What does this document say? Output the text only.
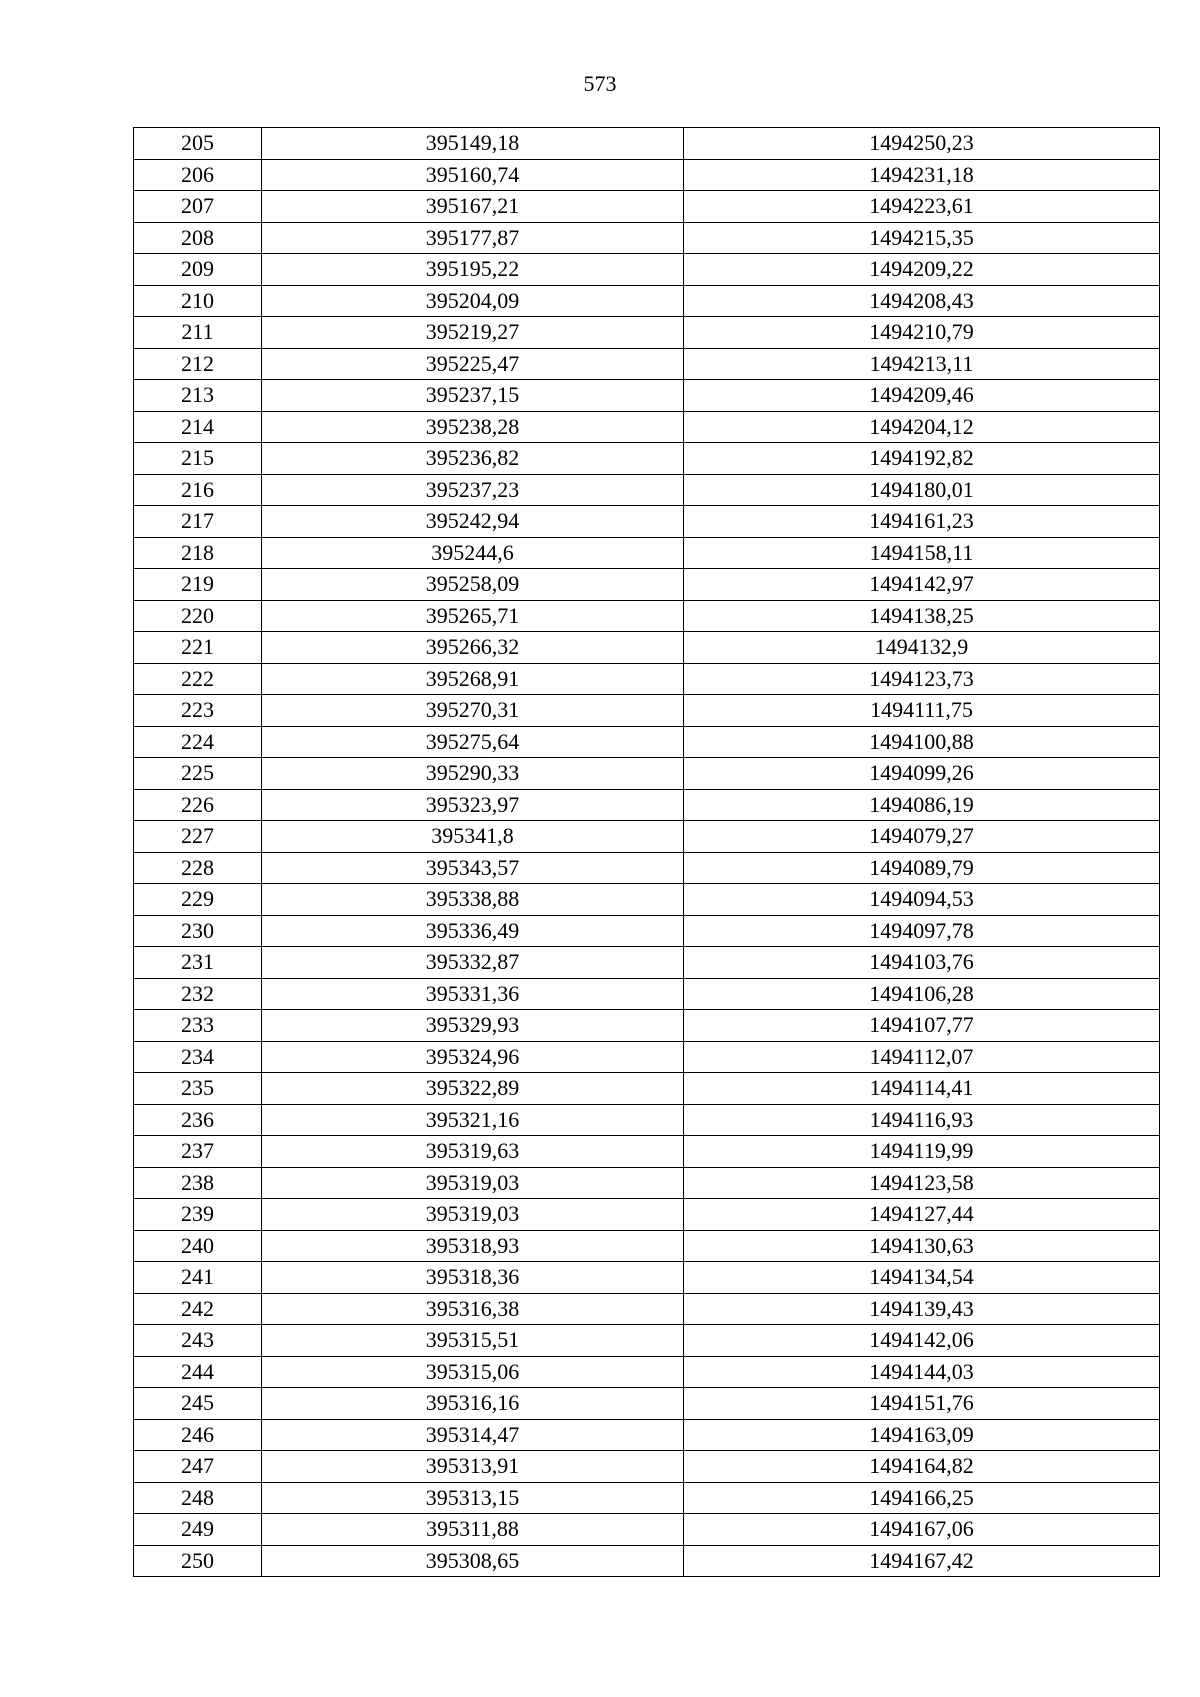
573
205	395149,18	1494250,23
206	395160,74	1494231,18
207	395167,21	1494223,61
208	395177,87	1494215,35
209	395195,22	1494209,22
210	395204,09	1494208,43
211	395219,27	1494210,79
212	395225,47	1494213,11
213	395237,15	1494209,46
214	395238,28	1494204,12
215	395236,82	1494192,82
216	395237,23	1494180,01
217	395242,94	1494161,23
218	395244,6	1494158,11
219	395258,09	1494142,97
220	395265,71	1494138,25
221	395266,32	1494132,9
222	395268,91	1494123,73
223	395270,31	1494111,75
224	395275,64	1494100,88
225	395290,33	1494099,26
226	395323,97	1494086,19
227	395341,8	1494079,27
228	395343,57	1494089,79
229	395338,88	1494094,53
230	395336,49	1494097,78
231	395332,87	1494103,76
232	395331,36	1494106,28
233	395329,93	1494107,77
234	395324,96	1494112,07
235	395322,89	1494114,41
236	395321,16	1494116,93
237	395319,63	1494119,99
238	395319,03	1494123,58
239	395319,03	1494127,44
240	395318,93	1494130,63
241	395318,36	1494134,54
242	395316,38	1494139,43
243	395315,51	1494142,06
244	395315,06	1494144,03
245	395316,16	1494151,76
246	395314,47	1494163,09
247	395313,91	1494164,82
248	395313,15	1494166,25
249	395311,88	1494167,06
250	395308,65	1494167,42
